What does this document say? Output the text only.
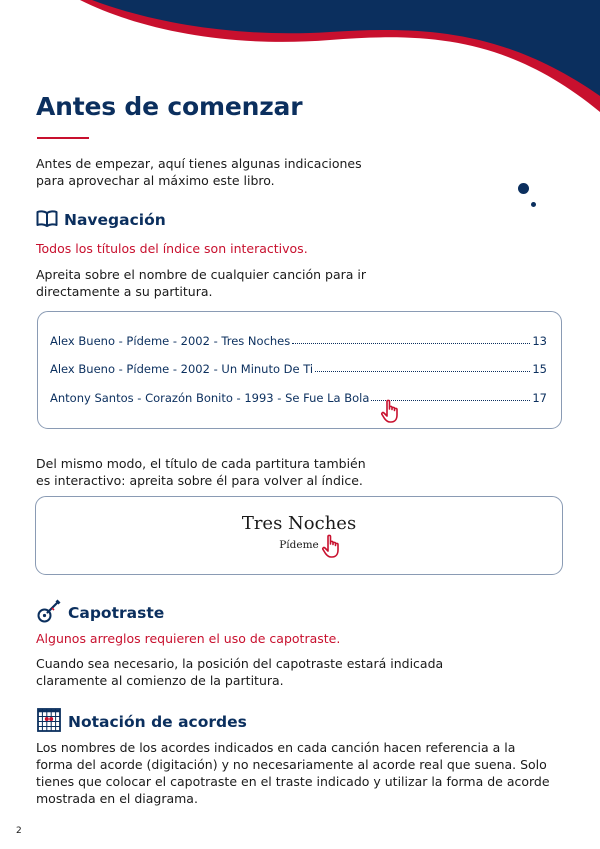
Antes de comenzar
Antes de empezar, aquí tienes algunas indicaciones para aprovechar al máximo este libro.
Navegación
Todos los títulos del índice son interactivos.
Apreita sobre el nombre de cualquier canción para ir directamente a su partitura.
Alex Bueno - Pídeme - 2002 - Tres Noches	13
Alex Bueno - Pídeme - 2002 - Un Minuto De Ti	15
Antony Santos - Corazón Bonito - 1993 - Se Fue La Bola	17
Del mismo modo, el título de cada partitura también es interactivo: apreita sobre él para volver al índice.
Tres Noches
Pídeme
Capotraste
Algunos arreglos requieren el uso de capotraste.
Cuando sea necesario, la posición del capotraste estará indicada claramente al comienzo de la partitura.
Notación de acordes
Los nombres de los acordes indicados en cada canción hacen referencia a la forma del acorde (digitación) y no necesariamente al acorde real que suena. Solo tienes que colocar el capotraste en el traste indicado y utilizar la forma de acorde mostrada en el diagrama.
2
